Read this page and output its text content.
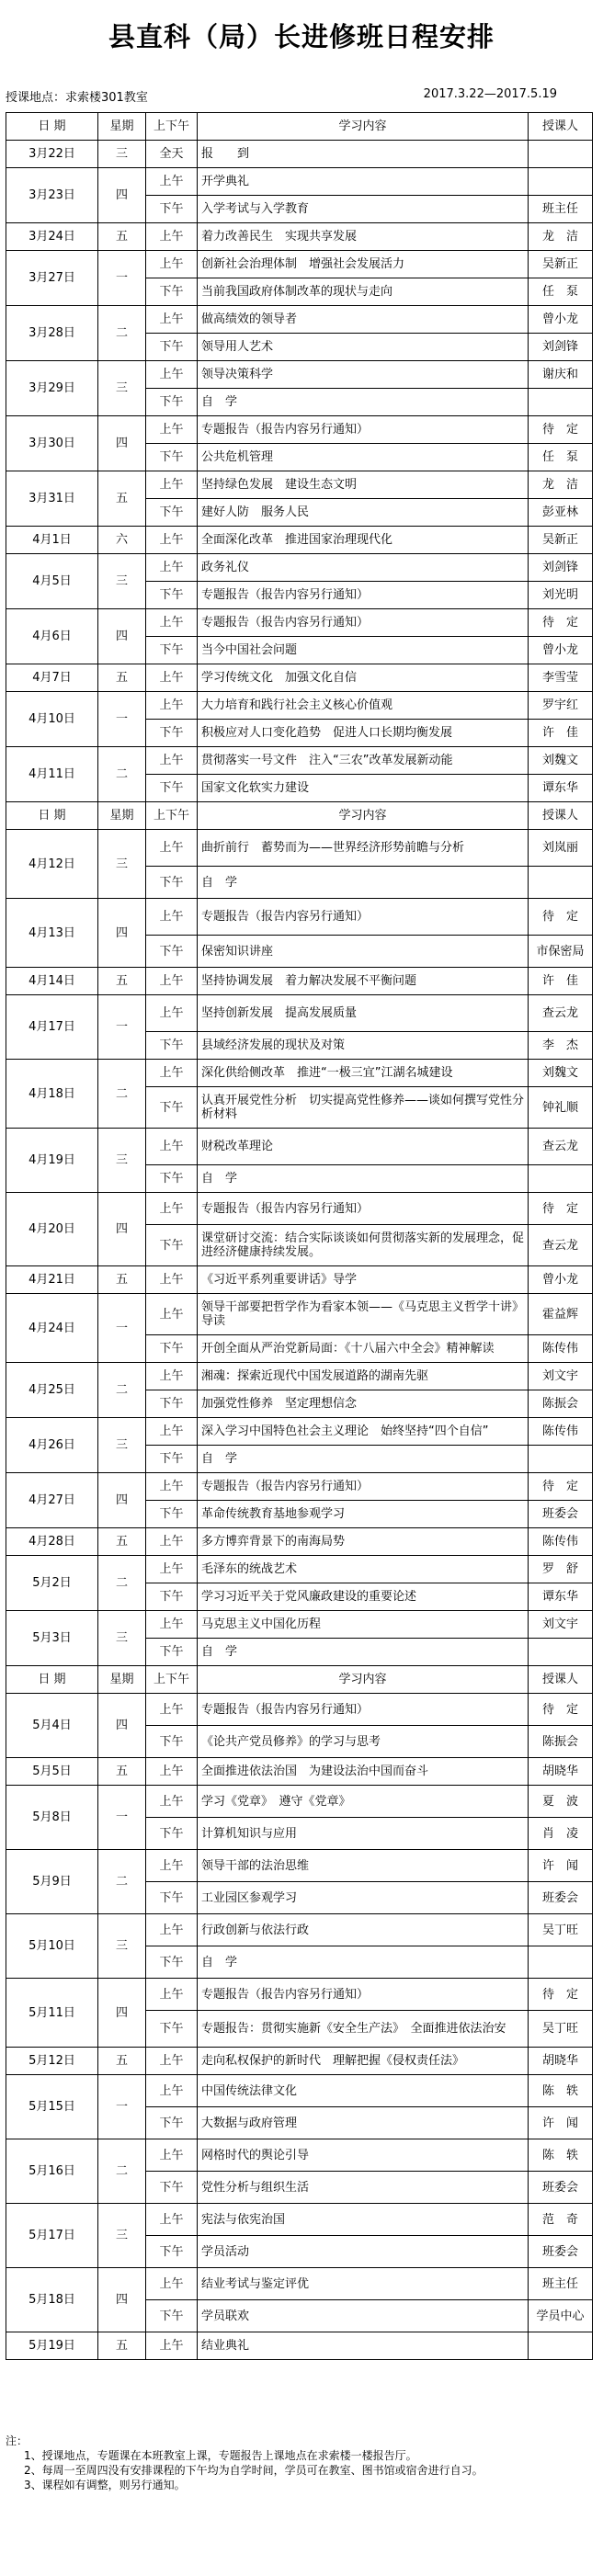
县直科（局）长进修班日程安排
授课地点：求索楼301教室	2017.3.22—2017.5.19
日 期	星期	上下午	学习内容	授课人
3月22日	三	全天	报　　到	
3月23日	四	上午	开学典礼	
		下午	入学考试与入学教育	班主任
3月24日	五	上午	着力改善民生　实现共享发展	龙　洁
3月27日	一	上午	创新社会治理体制　增强社会发展活力	吴新正
		下午	当前我国政府体制改革的现状与走向	任　泵
3月28日	二	上午	做高绩效的领导者	曾小龙
		下午	领导用人艺术	刘剑锋
3月29日	三	上午	领导决策科学	谢庆和
		下午	自　学	
3月30日	四	上午	专题报告（报告内容另行通知）	待　定
		下午	公共危机管理	任　泵
3月31日	五	上午	坚持绿色发展　建设生态文明	龙　洁
		下午	建好人防　服务人民	彭亚林
4月1日	六	上午	全面深化改革　推进国家治理现代化	吴新正
4月5日	三	上午	政务礼仪	刘剑锋
		下午	专题报告（报告内容另行通知）	刘光明
4月6日	四	上午	专题报告（报告内容另行通知）	待　定
		下午	当今中国社会问题	曾小龙
4月7日	五	上午	学习传统文化　加强文化自信	李雪莹
4月10日	一	上午	大力培育和践行社会主义核心价值观	罗宇红
		下午	积极应对人口变化趋势　促进人口长期均衡发展	许　佳
4月11日	二	上午	贯彻落实一号文件　注入“三农”改革发展新动能	刘魏文
		下午	国家文化软实力建设	谭东华
日 期	星期	上下午	学习内容	授课人
4月12日	三	上午	曲折前行　蓄势而为——世界经济形势前瞻与分析	刘岚丽
		下午	自　学	
4月13日	四	上午	专题报告（报告内容另行通知）	待　定
		下午	保密知识讲座	市保密局
4月14日	五	上午	坚持协调发展　着力解决发展不平衡问题	许　佳
4月17日	一	上午	坚持创新发展　提高发展质量	查云龙
		下午	县域经济发展的现状及对策	李　杰
4月18日	二	上午	深化供给侧改革　推进“一极三宜”江湖名城建设	刘魏文
		下午	认真开展党性分析　切实提高党性修养——谈如何撰写党性分析材料	钟礼顺
4月19日	三	上午	财税改革理论	查云龙
		下午	自　学	
4月20日	四	上午	专题报告（报告内容另行通知）	待　定
		下午	课堂研讨交流：结合实际谈谈如何贯彻落实新的发展理念，促进经济健康持续发展。	查云龙
4月21日	五	上午	《习近平系列重要讲话》导学	曾小龙
4月24日	一	上午	领导干部要把哲学作为看家本领——《马克思主义哲学十讲》导读	霍益辉
		下午	开创全面从严治党新局面：《十八届六中全会》精神解读	陈传伟
4月25日	二	上午	湘魂：探索近现代中国发展道路的湖南先驱	刘文宇
		下午	加强党性修养　坚定理想信念	陈振会
4月26日	三	上午	深入学习中国特色社会主义理论　始终坚持“四个自信”	陈传伟
		下午	自　学	
4月27日	四	上午	专题报告（报告内容另行通知）	待　定
		下午	革命传统教育基地参观学习	班委会
4月28日	五	上午	多方博弈背景下的南海局势	陈传伟
5月2日	二	上午	毛泽东的统战艺术	罗　舒
		下午	学习习近平关于党风廉政建设的重要论述	谭东华
5月3日	三	上午	马克思主义中国化历程	刘文宇
		下午	自　学	
日 期	星期	上下午	学习内容	授课人
5月4日	四	上午	专题报告（报告内容另行通知）	待　定
		下午	《论共产党员修养》的学习与思考	陈振会
5月5日	五	上午	全面推进依法治国　为建设法治中国而奋斗	胡晓华
5月8日	一	上午	学习《党章》　遵守《党章》	夏　波
		下午	计算机知识与应用	肖　凌
5月9日	二	上午	领导干部的法治思维	许　闻
		下午	工业园区参观学习	班委会
5月10日	三	上午	行政创新与依法行政	吴丁旺
		下午	自　学	
5月11日	四	上午	专题报告（报告内容另行通知）	待　定
		下午	专题报告：贯彻实施新《安全生产法》　全面推进依法治安	吴丁旺
5月12日	五	上午	走向私权保护的新时代　理解把握《侵权责任法》	胡晓华
5月15日	一	上午	中国传统法律文化	陈　轶
		下午	大数据与政府管理	许　闻
5月16日	二	上午	网格时代的舆论引导	陈　轶
		下午	党性分析与组织生活	班委会
5月17日	三	上午	宪法与依宪治国	范　奇
		下午	学员活动	班委会
5月18日	四	上午	结业考试与鉴定评优	班主任
		下午	学员联欢	学员中心
5月19日	五	上午	结业典礼	
注：
1、授课地点，专题课在本班教室上课，专题报告上课地点在求索楼一楼报告厅。
2、每周一至周四没有安排课程的下午均为自学时间，学员可在教室、图书馆或宿舍进行自习。
3、课程如有调整，则另行通知。
